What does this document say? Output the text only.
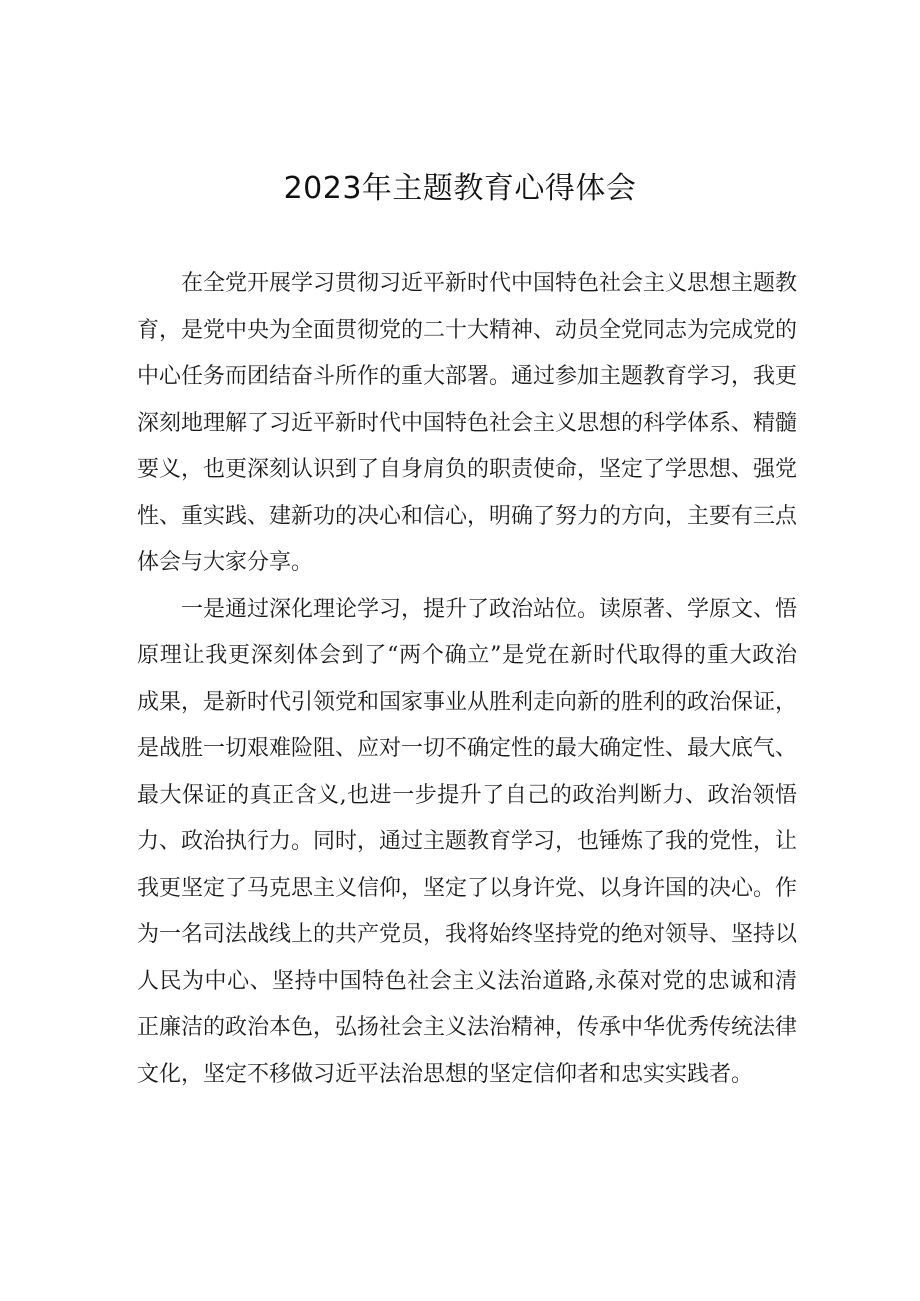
2023年主题教育心得体会

在全党开展学习贯彻习近平新时代中国特色社会主义思想主题教育，是党中央为全面贯彻党的二十大精神、动员全党同志为完成党的中心任务而团结奋斗所作的重大部署。通过参加主题教育学习，我更深刻地理解了习近平新时代中国特色社会主义思想的科学体系、精髓要义，也更深刻认识到了自身肩负的职责使命，坚定了学思想、强党性、重实践、建新功的决心和信心，明确了努力的方向，主要有三点体会与大家分享。

一是通过深化理论学习，提升了政治站位。读原著、学原文、悟原理让我更深刻体会到了“两个确立”是党在新时代取得的重大政治成果，是新时代引领党和国家事业从胜利走向新的胜利的政治保证，是战胜一切艰难险阻、应对一切不确定性的最大确定性、最大底气、最大保证的真正含义,也进一步提升了自己的政治判断力、政治领悟力、政治执行力。同时，通过主题教育学习，也锤炼了我的党性，让我更坚定了马克思主义信仰，坚定了以身许党、以身许国的决心。作为一名司法战线上的共产党员，我将始终坚持党的绝对领导、坚持以人民为中心、坚持中国特色社会主义法治道路,永葆对党的忠诚和清正廉洁的政治本色，弘扬社会主义法治精神，传承中华优秀传统法律文化，坚定不移做习近平法治思想的坚定信仰者和忠实实践者。
